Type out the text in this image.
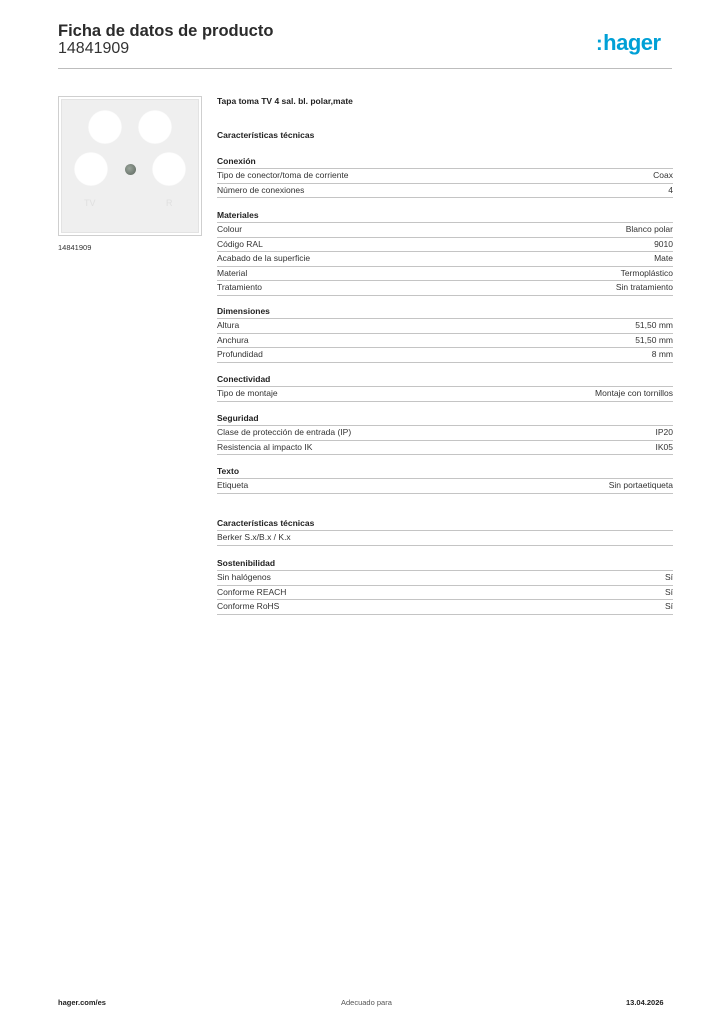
Ficha de datos de producto
14841909	:hager
TV	R
14841909
Tapa toma TV 4 sal. bl. polar,mate
Características técnicas
Conexión
Tipo de conector/toma de corriente	Coax
Número de conexiones	4
Materiales
Colour	Blanco polar
Código RAL	9010
Acabado de la superficie	Mate
Material	Termoplástico
Tratamiento	Sin tratamiento
Dimensiones
Altura	51,50 mm
Anchura	51,50 mm
Profundidad	8 mm
Conectividad
Tipo de montaje	Montaje con tornillos
Seguridad
Clase de protección de entrada (IP)	IP20
Resistencia al impacto IK	IK05
Texto
Etiqueta	Sin portaetiqueta
Características técnicas
Berker S.x/B.x / K.x
Sostenibilidad
Sin halógenos	Sí
Conforme REACH	Sí
Conforme RoHS	Sí
hager.com/es	Adecuado para	13.04.2026
